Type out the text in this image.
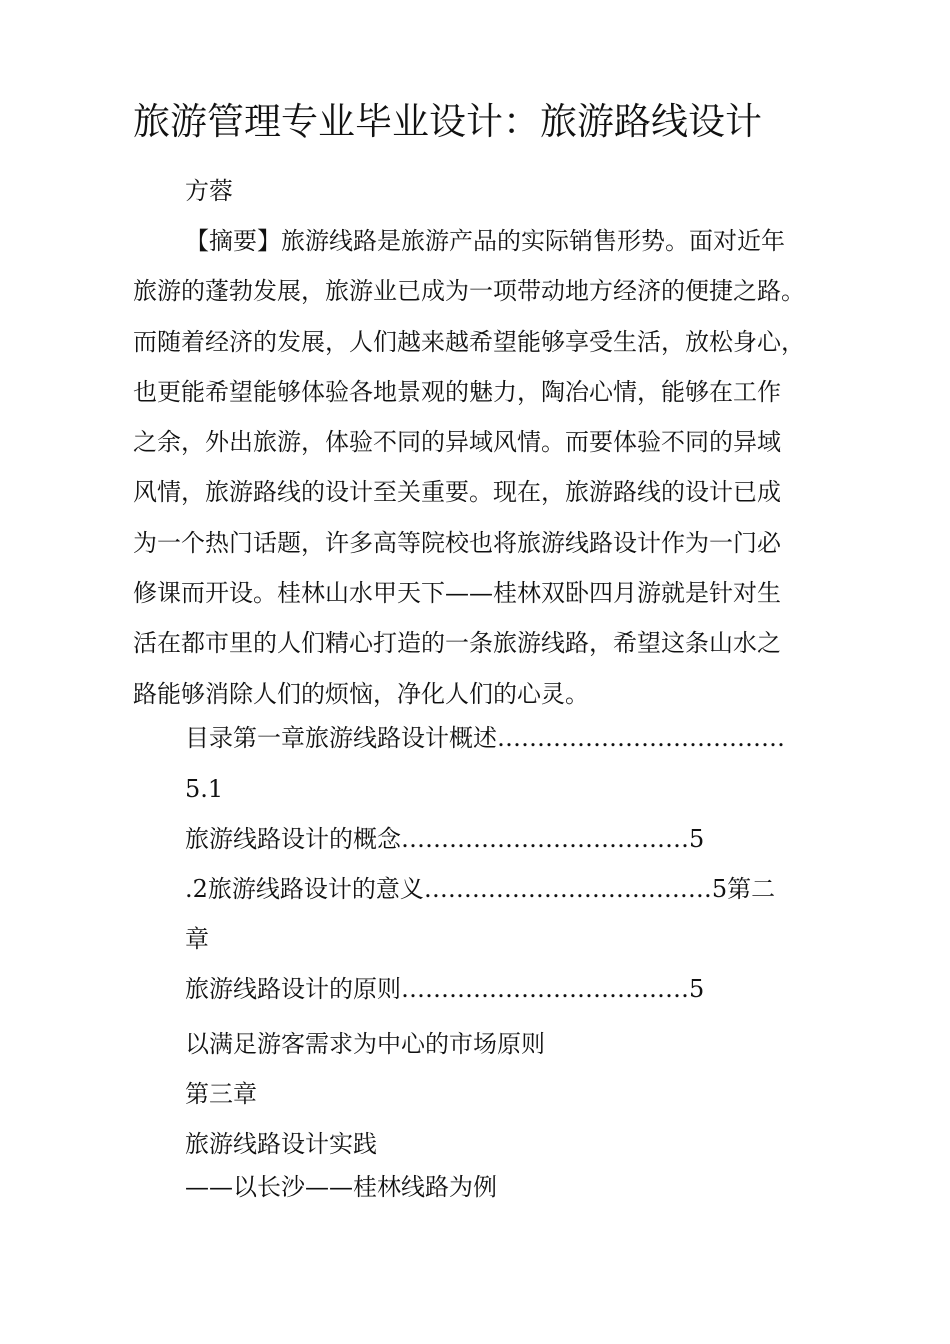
旅游管理专业毕业设计：旅游路线设计
方蓉
【摘要】旅游线路是旅游产品的实际销售形势。面对近年
旅游的蓬勃发展，旅游业已成为一项带动地方经济的便捷之路。
而随着经济的发展，人们越来越希望能够享受生活，放松身心，
也更能希望能够体验各地景观的魅力，陶冶心情，能够在工作
之余，外出旅游，体验不同的异域风情。而要体验不同的异域
风情，旅游路线的设计至关重要。现在，旅游路线的设计已成
为一个热门话题，许多高等院校也将旅游线路设计作为一门必
修课而开设。桂林山水甲天下——桂林双卧四月游就是针对生
活在都市里的人们精心打造的一条旅游线路，希望这条山水之
路能够消除人们的烦恼，净化人们的心灵。
目录第一章旅游线路设计概述………………………………
5.1
旅游线路设计的概念………………………………5
.2旅游线路设计的意义………………………………5第二
章
旅游线路设计的原则………………………………5
以满足游客需求为中心的市场原则
第三章
旅游线路设计实践
——以长沙——桂林线路为例
